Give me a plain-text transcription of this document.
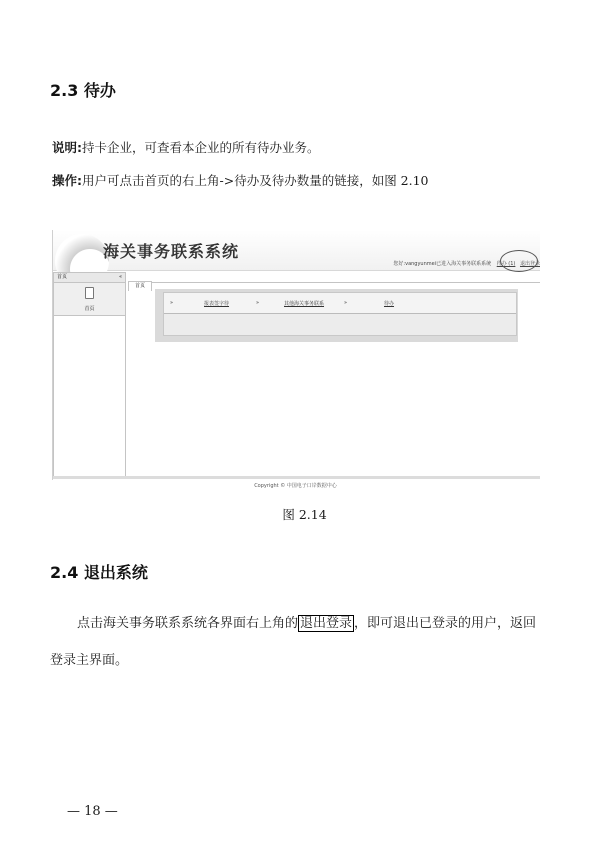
2.3 待办
说明:持卡企业，可查看本企业的所有待办业务。
操作:用户可点击首页的右上角->待办及待办数量的链接，如图 2.10
海关事务联系系统
您好:vangyunmei已进入海关事务联系系统 待办 (1) 退出登录
首页	«
首页
首页
»	报表签字待	»	其他海关事务联系	»	待办
Copyright © 中国电子口岸数据中心
图 2.14
2.4 退出系统
点击海关事务联系系统各界面右上角的 退出登录 ，即可退出已登录的用户，返回
登录主界面。
— 18 —
